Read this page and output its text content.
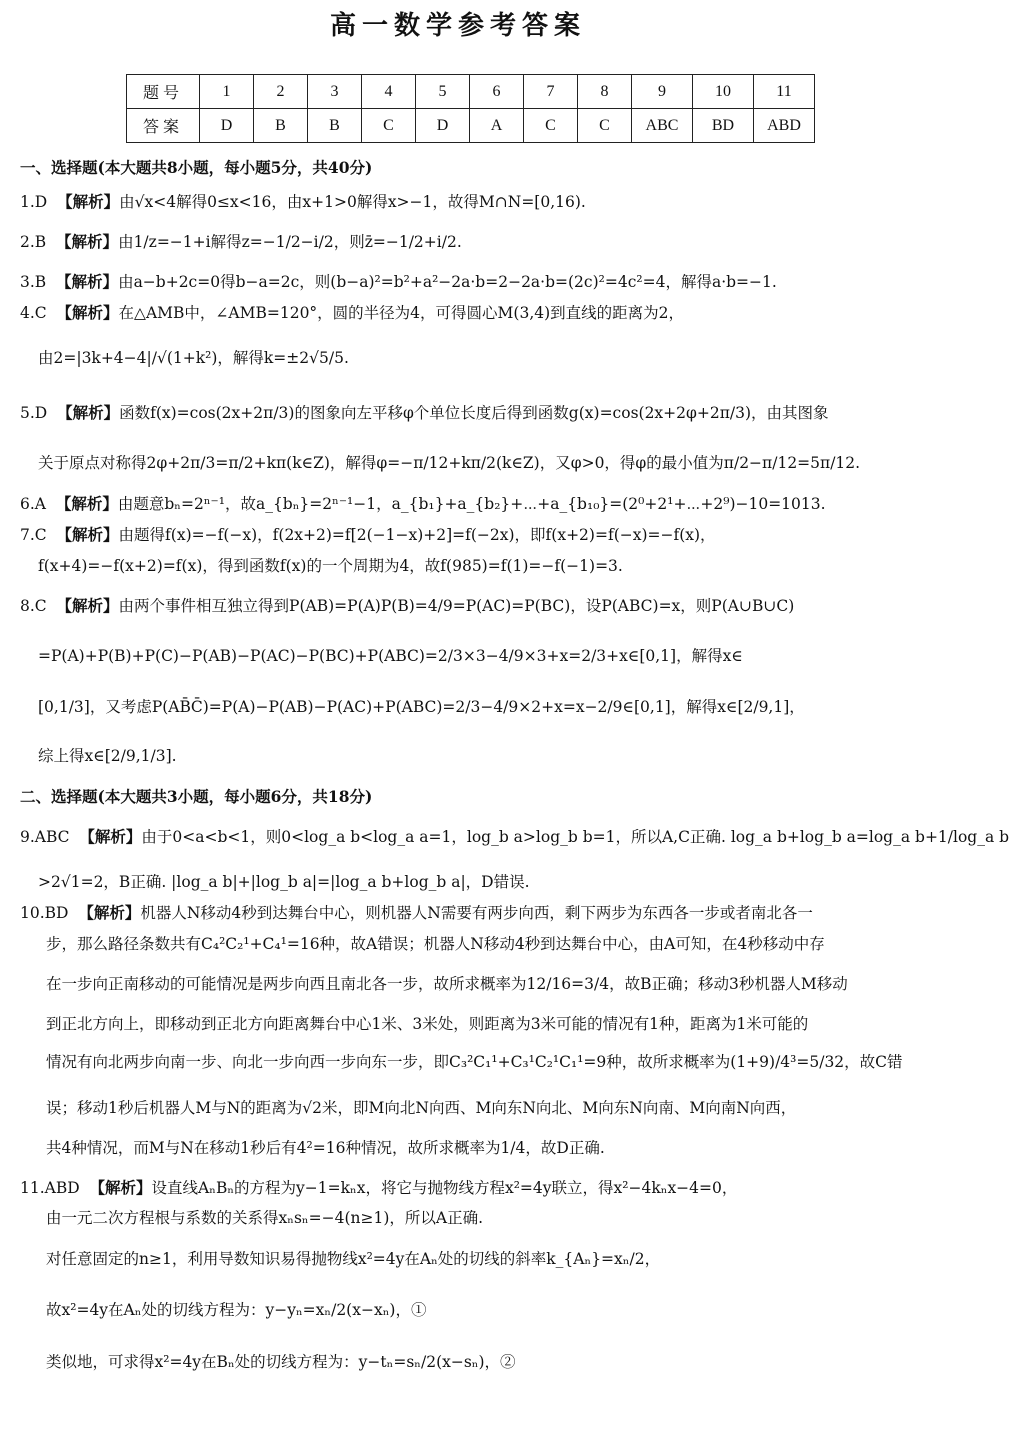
高一数学参考答案
题号	1	2	3	4	5	6	7	8	9	10	11
答案	D	B	B	C	D	A	C	C	ABC	BD	ABD
一、选择题(本大题共8小题，每小题5分，共40分)
1.D 【解析】由√x<4解得0≤x<16，由x+1>0解得x>−1，故得M∩N=[0,16).
2.B 【解析】由1/z=−1+i解得z=−1/2−i/2，则z̄=−1/2+i/2.
3.B 【解析】由a−b+2c=0得b−a=2c，则(b−a)²=b²+a²−2a·b=2−2a·b=(2c)²=4c²=4，解得a·b=−1.
4.C 【解析】在△AMB中，∠AMB=120°，圆的半径为4，可得圆心M(3,4)到直线的距离为2，
由2=|3k+4−4|/√(1+k²)，解得k=±2√5/5.
5.D 【解析】函数f(x)=cos(2x+2π/3)的图象向左平移φ个单位长度后得到函数g(x)=cos(2x+2φ+2π/3)，由其图象
关于原点对称得2φ+2π/3=π/2+kπ(k∈Z)，解得φ=−π/12+kπ/2(k∈Z)，又φ>0，得φ的最小值为π/2−π/12=5π/12.
6.A 【解析】由题意bₙ=2ⁿ⁻¹，故a_{bₙ}=2ⁿ⁻¹−1，a_{b₁}+a_{b₂}+⋯+a_{b₁₀}=(2⁰+2¹+⋯+2⁹)−10=1013.
7.C 【解析】由题得f(x)=−f(−x)，f(2x+2)=f[2(−1−x)+2]=f(−2x)，即f(x+2)=f(−x)=−f(x)，
f(x+4)=−f(x+2)=f(x)，得到函数f(x)的一个周期为4，故f(985)=f(1)=−f(−1)=3.
8.C 【解析】由两个事件相互独立得到P(AB)=P(A)P(B)=4/9=P(AC)=P(BC)，设P(ABC)=x，则P(A∪B∪C)
=P(A)+P(B)+P(C)−P(AB)−P(AC)−P(BC)+P(ABC)=2/3×3−4/9×3+x=2/3+x∈[0,1]，解得x∈
[0,1/3]，又考虑P(AB̄C̄)=P(A)−P(AB)−P(AC)+P(ABC)=2/3−4/9×2+x=x−2/9∈[0,1]，解得x∈[2/9,1]，
综上得x∈[2/9,1/3].
二、选择题(本大题共3小题，每小题6分，共18分)
9.ABC 【解析】由于0<a<b<1，则0<log_a b<log_a a=1，log_b a>log_b b=1，所以A,C正确. log_a b+log_b a=log_a b+1/log_a b
>2√1=2，B正确. |log_a b|+|log_b a|=|log_a b+log_b a|，D错误.
10.BD 【解析】机器人N移动4秒到达舞台中心，则机器人N需要有两步向西，剩下两步为东西各一步或者南北各一
步，那么路径条数共有C₄²C₂¹+C₄¹=16种，故A错误；机器人N移动4秒到达舞台中心，由A可知，在4秒移动中存
在一步向正南移动的可能情况是两步向西且南北各一步，故所求概率为12/16=3/4，故B正确；移动3秒机器人M移动
到正北方向上，即移动到正北方向距离舞台中心1米、3米处，则距离为3米可能的情况有1种，距离为1米可能的
情况有向北两步向南一步、向北一步向西一步向东一步，即C₃²C₁¹+C₃¹C₂¹C₁¹=9种，故所求概率为(1+9)/4³=5/32，故C错
误；移动1秒后机器人M与N的距离为√2米，即M向北N向西、M向东N向北、M向东N向南、M向南N向西，
共4种情况，而M与N在移动1秒后有4²=16种情况，故所求概率为1/4，故D正确.
11.ABD 【解析】设直线AₙBₙ的方程为y−1=kₙx，将它与抛物线方程x²=4y联立，得x²−4kₙx−4=0，
由一元二次方程根与系数的关系得xₙsₙ=−4(n≥1)，所以A正确.
对任意固定的n≥1，利用导数知识易得抛物线x²=4y在Aₙ处的切线的斜率k_{Aₙ}=xₙ/2，
故x²=4y在Aₙ处的切线方程为：y−yₙ=xₙ/2(x−xₙ)，①
类似地，可求得x²=4y在Bₙ处的切线方程为：y−tₙ=sₙ/2(x−sₙ)，②
